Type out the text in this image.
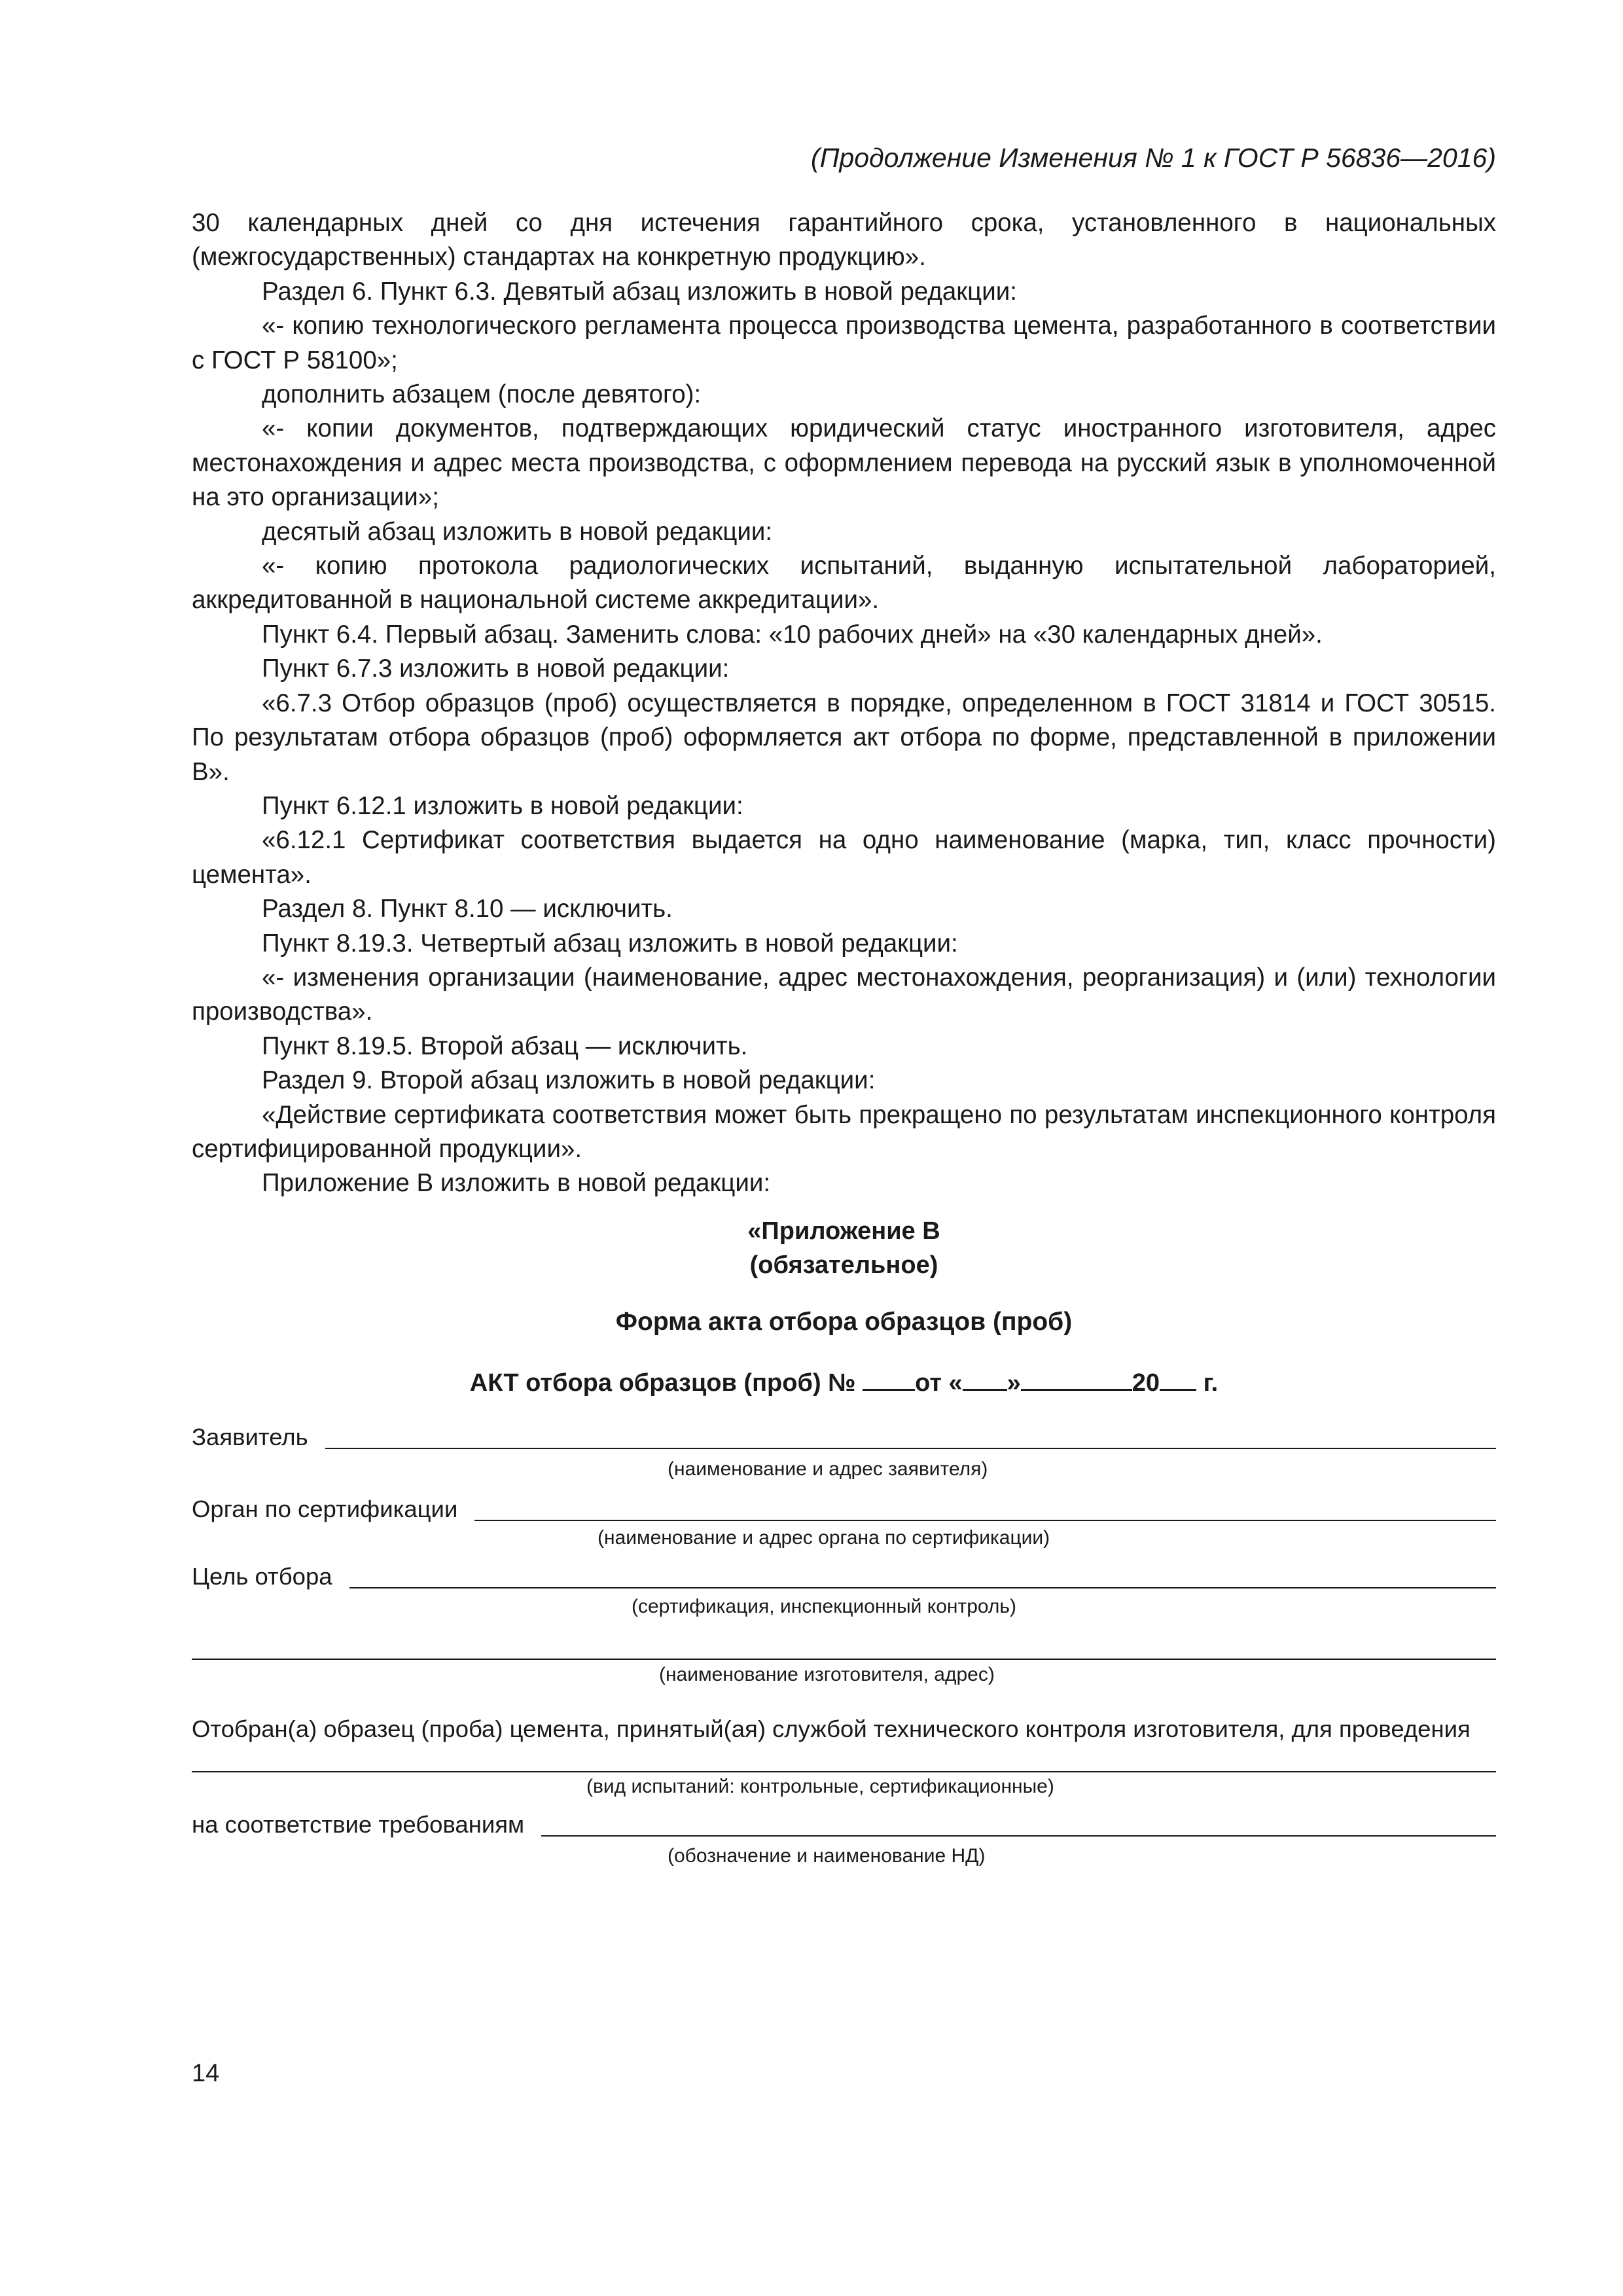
(Продолжение Изменения № 1 к ГОСТ Р 56836—2016)

30 календарных дней со дня истечения гарантийного срока, установленного в национальных (межгосударственных) стандартах на конкретную продукцию».

Раздел 6. Пункт 6.3. Девятый абзац изложить в новой редакции:

«- копию технологического регламента процесса производства цемента, разработанного в соответствии с ГОСТ Р 58100»;

дополнить абзацем (после девятого):

«- копии документов, подтверждающих юридический статус иностранного изготовителя, адрес местонахождения и адрес места производства, с оформлением перевода на русский язык в уполномоченной на это организации»;

десятый абзац изложить в новой редакции:

«- копию протокола радиологических испытаний, выданную испытательной лабораторией, аккредитованной в национальной системе аккредитации».

Пункт 6.4. Первый абзац. Заменить слова: «10 рабочих дней» на «30 календарных дней».

Пункт 6.7.3 изложить в новой редакции:

«6.7.3 Отбор образцов (проб) осуществляется в порядке, определенном в ГОСТ 31814 и ГОСТ 30515. По результатам отбора образцов (проб) оформляется акт отбора по форме, представленной в приложении В».

Пункт 6.12.1 изложить в новой редакции:

«6.12.1 Сертификат соответствия выдается на одно наименование (марка, тип, класс прочности) цемента».

Раздел 8. Пункт 8.10 — исключить.

Пункт 8.19.3. Четвертый абзац изложить в новой редакции:

«- изменения организации (наименование, адрес местонахождения, реорганизация) и (или) технологии производства».

Пункт 8.19.5. Второй абзац — исключить.

Раздел 9. Второй абзац изложить в новой редакции:

«Действие сертификата соответствия может быть прекращено по результатам инспекционного контроля сертифицированной продукции».

Приложение В изложить в новой редакции:

«Приложение В
(обязательное)
Форма акта отбора образцов (проб)
АКТ отбора образцов (проб) № от « »	20 г.
Заявитель
(наименование и адрес заявителя)
Орган по сертификации
(наименование и адрес органа по сертификации)
Цель отбора
(сертификация, инспекционный контроль)
(наименование изготовителя, адрес)
Отобран(а) образец (проба) цемента, принятый(ая) службой технического контроля изготовителя, для проведения
(вид испытаний: контрольные, сертификационные)
на соответствие требованиям
(обозначение и наименование НД)
14
